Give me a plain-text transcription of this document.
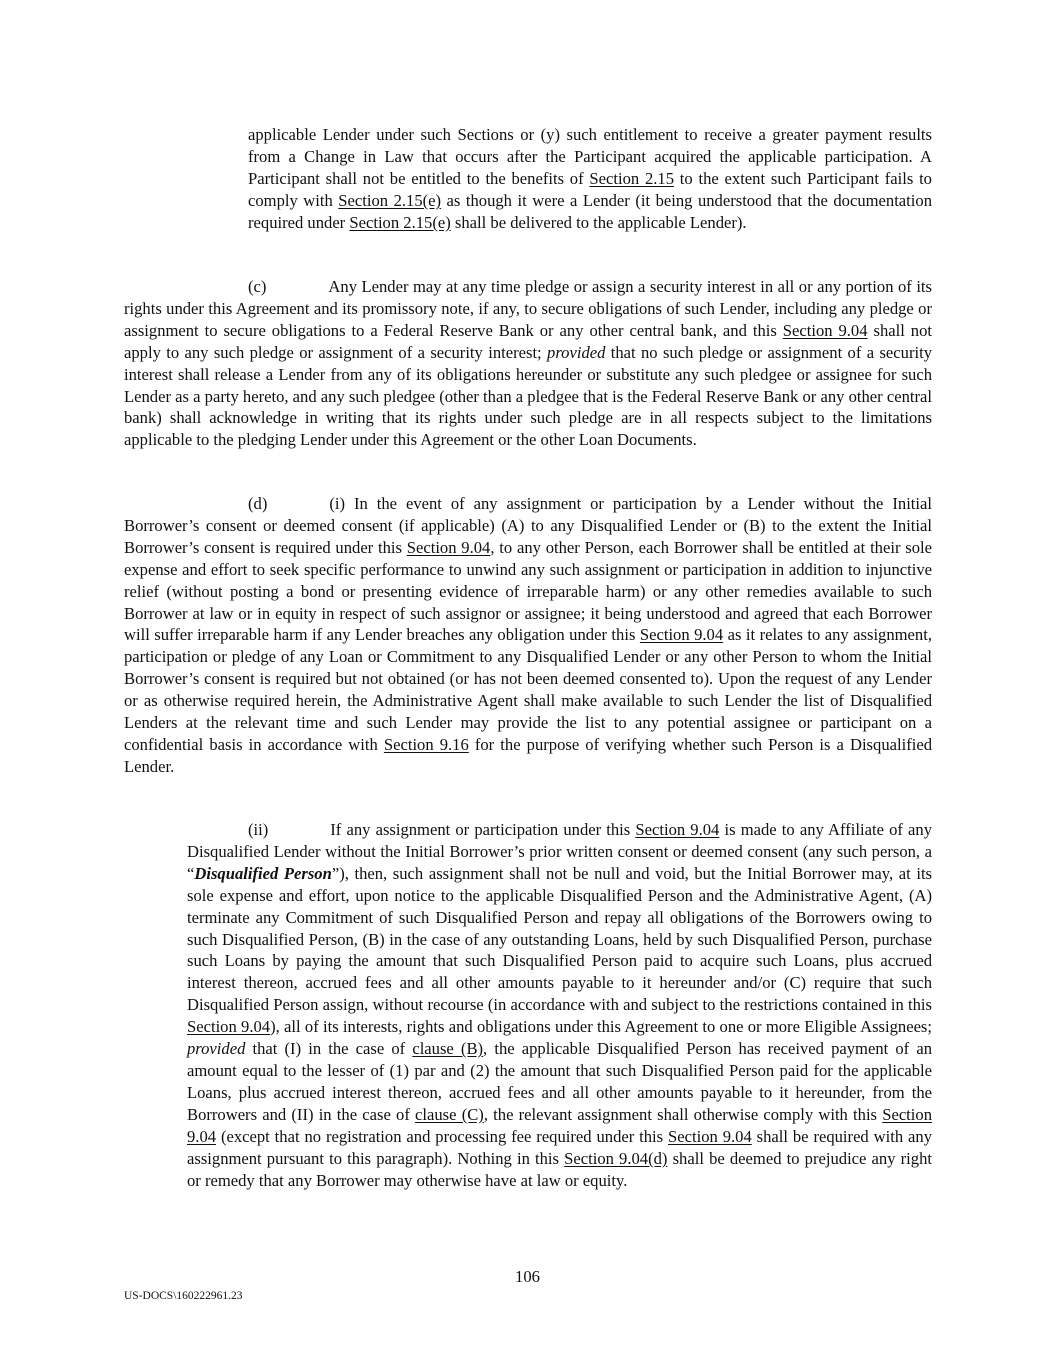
applicable Lender under such Sections or (y) such entitlement to receive a greater payment results from a Change in Law that occurs after the Participant acquired the applicable participation. A Participant shall not be entitled to the benefits of Section 2.15 to the extent such Participant fails to comply with Section 2.15(e) as though it were a Lender (it being understood that the documentation required under Section 2.15(e) shall be delivered to the applicable Lender).

(c)	Any Lender may at any time pledge or assign a security interest in all or any portion of its rights under this Agreement and its promissory note, if any, to secure obligations of such Lender, including any pledge or assignment to secure obligations to a Federal Reserve Bank or any other central bank, and this Section 9.04 shall not apply to any such pledge or assignment of a security interest; provided that no such pledge or assignment of a security interest shall release a Lender from any of its obligations hereunder or substitute any such pledgee or assignee for such Lender as a party hereto, and any such pledgee (other than a pledgee that is the Federal Reserve Bank or any other central bank) shall acknowledge in writing that its rights under such pledge are in all respects subject to the limitations applicable to the pledging Lender under this Agreement or the other Loan Documents.

(d)	(i) In the event of any assignment or participation by a Lender without the Initial Borrower’s consent or deemed consent (if applicable) (A) to any Disqualified Lender or (B) to the extent the Initial Borrower’s consent is required under this Section 9.04, to any other Person, each Borrower shall be entitled at their sole expense and effort to seek specific performance to unwind any such assignment or participation in addition to injunctive relief (without posting a bond or presenting evidence of irreparable harm) or any other remedies available to such Borrower at law or in equity in respect of such assignor or assignee; it being understood and agreed that each Borrower will suffer irreparable harm if any Lender breaches any obligation under this Section 9.04 as it relates to any assignment, participation or pledge of any Loan or Commitment to any Disqualified Lender or any other Person to whom the Initial Borrower’s consent is required but not obtained (or has not been deemed consented to). Upon the request of any Lender or as otherwise required herein, the Administrative Agent shall make available to such Lender the list of Disqualified Lenders at the relevant time and such Lender may provide the list to any potential assignee or participant on a confidential basis in accordance with Section 9.16 for the purpose of verifying whether such Person is a Disqualified Lender.

(ii)	If any assignment or participation under this Section 9.04 is made to any Affiliate of any Disqualified Lender without the Initial Borrower’s prior written consent or deemed consent (any such person, a “Disqualified Person”), then, such assignment shall not be null and void, but the Initial Borrower may, at its sole expense and effort, upon notice to the applicable Disqualified Person and the Administrative Agent, (A) terminate any Commitment of such Disqualified Person and repay all obligations of the Borrowers owing to such Disqualified Person, (B) in the case of any outstanding Loans, held by such Disqualified Person, purchase such Loans by paying the amount that such Disqualified Person paid to acquire such Loans, plus accrued interest thereon, accrued fees and all other amounts payable to it hereunder and/or (C) require that such Disqualified Person assign, without recourse (in accordance with and subject to the restrictions contained in this Section 9.04), all of its interests, rights and obligations under this Agreement to one or more Eligible Assignees; provided that (I) in the case of clause (B), the applicable Disqualified Person has received payment of an amount equal to the lesser of (1) par and (2) the amount that such Disqualified Person paid for the applicable Loans, plus accrued interest thereon, accrued fees and all other amounts payable to it hereunder, from the Borrowers and (II) in the case of clause (C), the relevant assignment shall otherwise comply with this Section 9.04 (except that no registration and processing fee required under this Section 9.04 shall be required with any assignment pursuant to this paragraph). Nothing in this Section 9.04(d) shall be deemed to prejudice any right or remedy that any Borrower may otherwise have at law or equity.

106
US-DOCS\160222961.23
